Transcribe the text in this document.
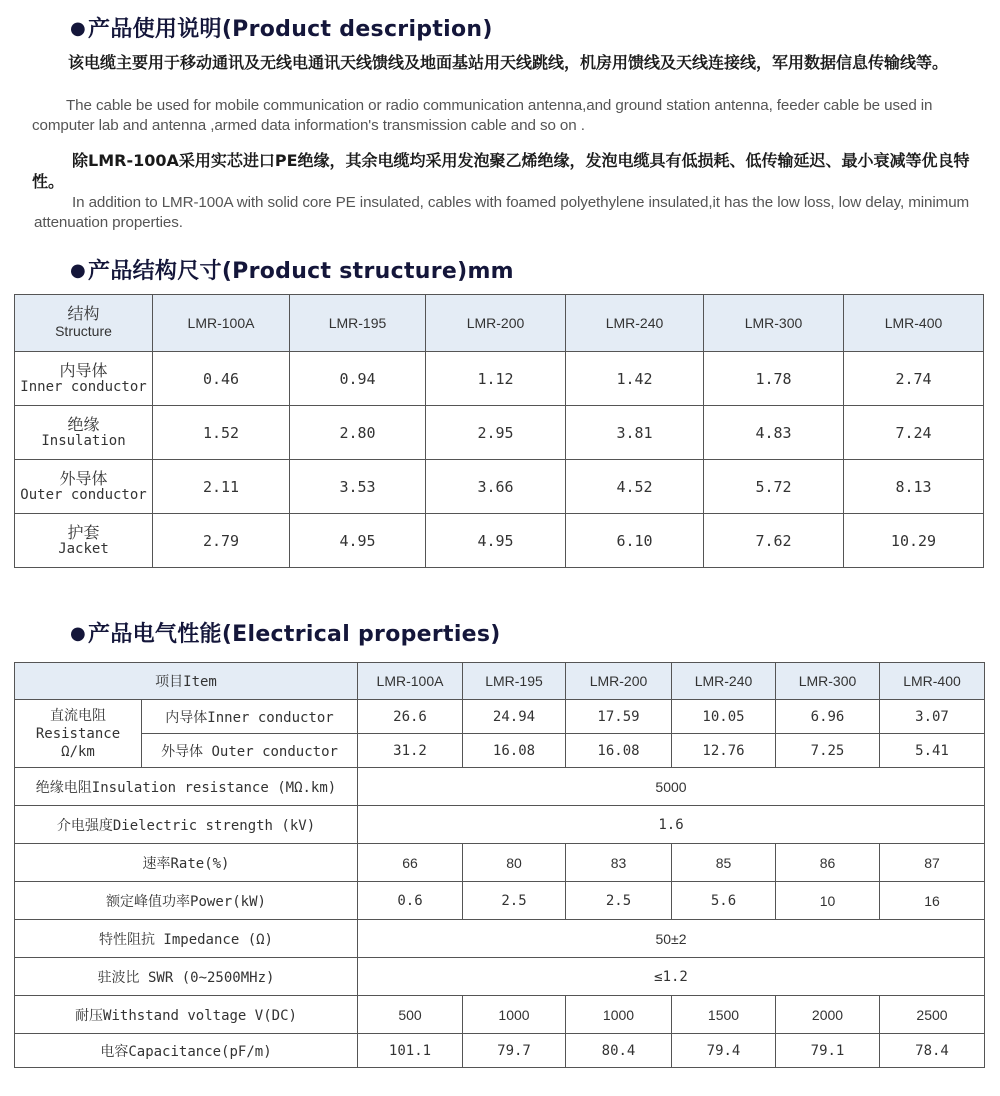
●产品使用说明(Product description)

该电缆主要用于移动通讯及无线电通讯天线馈线及地面基站用天线跳线，机房用馈线及天线连接线，军用数据信息传输线等。

The cable be used for mobile communication or radio communication antenna,and ground station antenna, feeder cable be used in computer lab and antenna ,armed data information's transmission cable and so on .

除LMR-100A采用实芯进口PE绝缘，其余电缆均采用发泡聚乙烯绝缘，发泡电缆具有低损耗、低传输延迟、最小衰减等优良特性。

In addition to LMR-100A with solid core PE insulated, cables with foamed polyethylene insulated,it has the low loss, low delay, minimum attenuation properties.

●产品结构尺寸(Product structure)mm
结构
Structure	LMR-100A	LMR-195	LMR-200	LMR-240	LMR-300	LMR-400

内导体
Inner conductor	0.46	0.94	1.12	1.42	1.78	2.74

绝缘
Insulation	1.52	2.80	2.95	3.81	4.83	7.24

外导体
Outer conductor	2.11	3.53	3.66	4.52	5.72	8.13

护套
Jacket	2.79	4.95	4.95	6.10	7.62	10.29
●产品电气性能(Electrical properties)
项目Item		LMR-100A	LMR-195	LMR-200	LMR-240	LMR-300	LMR-400

直流电阻
Resistance
Ω/km	内导体Inner conductor	26.6	24.94	17.59	10.05	6.96	3.07
	外导体 Outer conductor	31.2	16.08	16.08	12.76	7.25	5.41
绝缘电阻Insulation resistance (MΩ.km)		5000					
介电强度Dielectric strength (kV)		1.6					
速率Rate(%)		66	80	83	85	86	87
额定峰值功率Power(kW)		0.6	2.5	2.5	5.6	10	16
特性阻抗 Impedance (Ω)		50±2					
驻波比 SWR (0~2500MHz)		≤1.2					
耐压Withstand voltage V(DC)		500	1000	1000	1500	2000	2500
电容Capacitance(pF/m)		101.1	79.7	80.4	79.4	79.1	78.4
